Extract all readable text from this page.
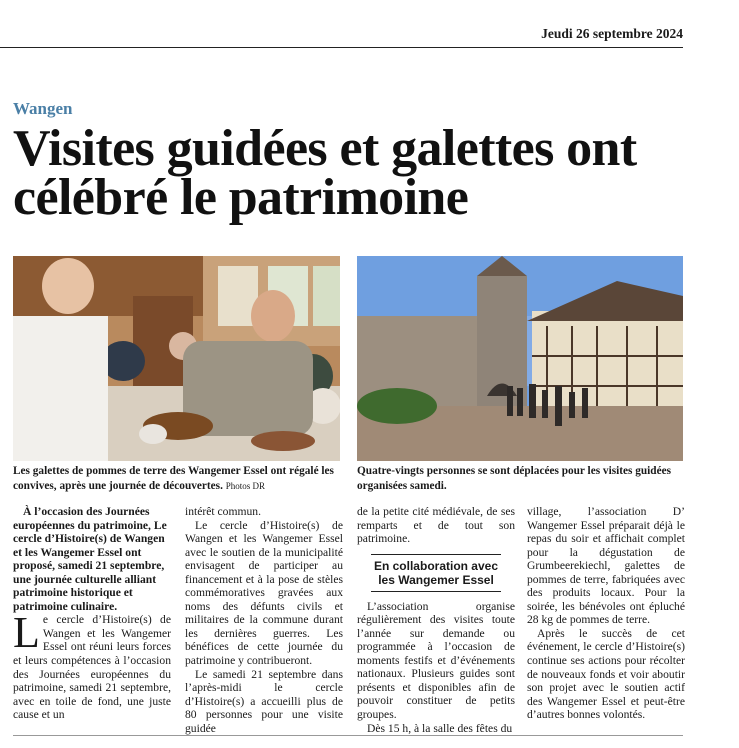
Jeudi 26 septembre 2024
Wangen
Visites guidées et galettes ont célébré le patrimoine
Les galettes de pommes de terre des Wangemer Essel ont régalé les convives, après une journée de découvertes. Photos DR
Quatre-vingts personnes se sont déplacées pour les visites guidées organisées samedi.

À l’occasion des Journées européennes du patrimoine, Le cercle d’Histoire(s) de Wangen et les Wangemer Essel ont proposé, samedi 21 septembre, une journée culturelle alliant patrimoine historique et patrimoine culinaire.

Le cercle d’Histoire(s) de Wangen et les Wangemer Essel ont réuni leurs forces et leurs compétences à l’occasion des Journées européennes du patrimoine, samedi 21 septembre, avec en toile de fond, une juste cause et un

intérêt commun.

Le cercle d’Histoire(s) de Wangen et les Wangemer Essel avec le soutien de la municipalité envisagent de participer au financement et à la pose de stèles commémoratives gravées aux noms des défunts civils et militaires de la commune durant les dernières guerres. Les bénéfices de cette journée du patrimoine y contribueront.

Le samedi 21 septembre dans l’après-midi le cercle d’Histoire(s) a accueilli plus de 80 personnes pour une visite guidée

de la petite cité médiévale, de ses remparts et de tout son patrimoine.

En collaboration avec les Wangemer Essel

L’association organise régulièrement des visites toute l’année sur demande ou programmée à l’occasion de moments festifs et d’événements nationaux. Plusieurs guides sont présents et disponibles afin de pouvoir constituer de petits groupes.

Dès 15 h, à la salle des fêtes du

village, l’association D’ Wangemer Essel préparait déjà le repas du soir et affichait complet pour la dégustation de Grumbeerekiechl, galettes de pommes de terre, fabriquées avec des produits locaux. Pour la soirée, les bénévoles ont épluché 28 kg de pommes de terre.

Après le succès de cet événement, le cercle d’Histoire(s) continue ses actions pour récolter de nouveaux fonds et voir aboutir son projet avec le soutien actif des Wangemer Essel et peut-être d’autres bonnes volontés.
